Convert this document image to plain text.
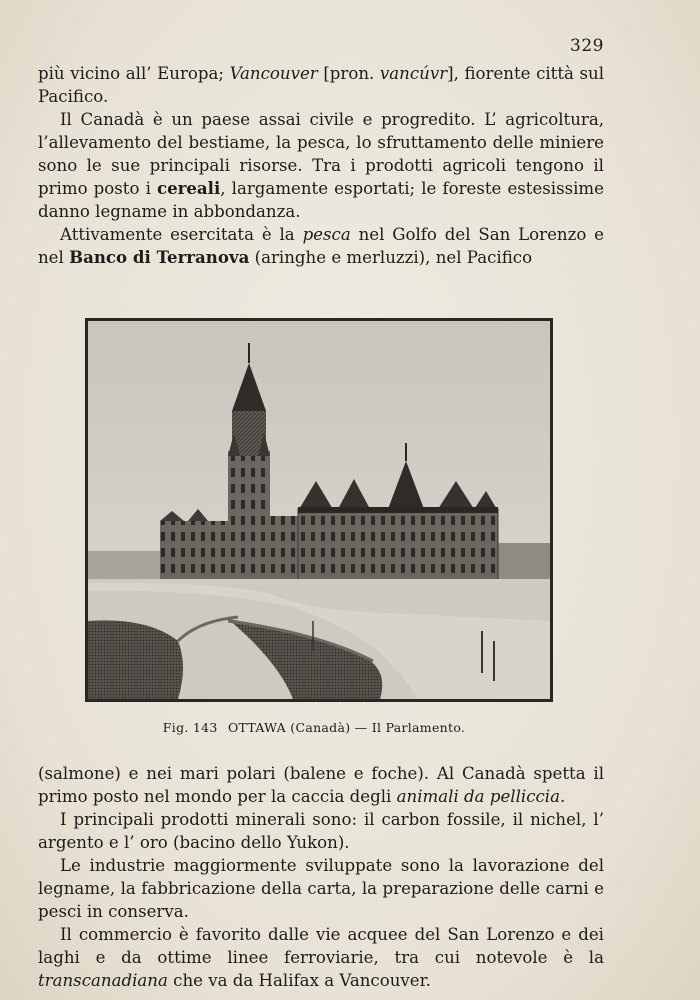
329

più vicino all’ Europa; Vancouver [pron. vancúvr], fiorente città sul Pacifico.

Il Canadà è un paese assai civile e progredito. L’ agricoltura, l’allevamento del bestiame, la pesca, lo sfruttamento delle miniere sono le sue principali risorse. Tra i prodotti agricoli tengono il primo posto i cereali, largamente esportati; le foreste estesissime danno legname in abbondanza.

Attivamente esercitata è la pesca nel Golfo del San Lorenzo e nel Banco di Terranova (aringhe e merluzzi), nel Pacifico

Fig. 143 OTTAWA (Canadà) — Il Parlamento.

(salmone) e nei mari polari (balene e foche). Al Canadà spetta il primo posto nel mondo per la caccia degli animali da pelliccia.

I principali prodotti minerali sono: il carbon fossile, il nichel, l’ argento e l’ oro (bacino dello Yukon).

Le industrie maggiormente sviluppate sono la lavorazione del legname, la fabbricazione della carta, la preparazione delle carni e pesci in conserva.

Il commercio è favorito dalle vie acquee del San Lorenzo e dei laghi e da ottime linee ferroviarie, tra cui notevole è la transcanadiana che va da Halifax a Vancouver.
